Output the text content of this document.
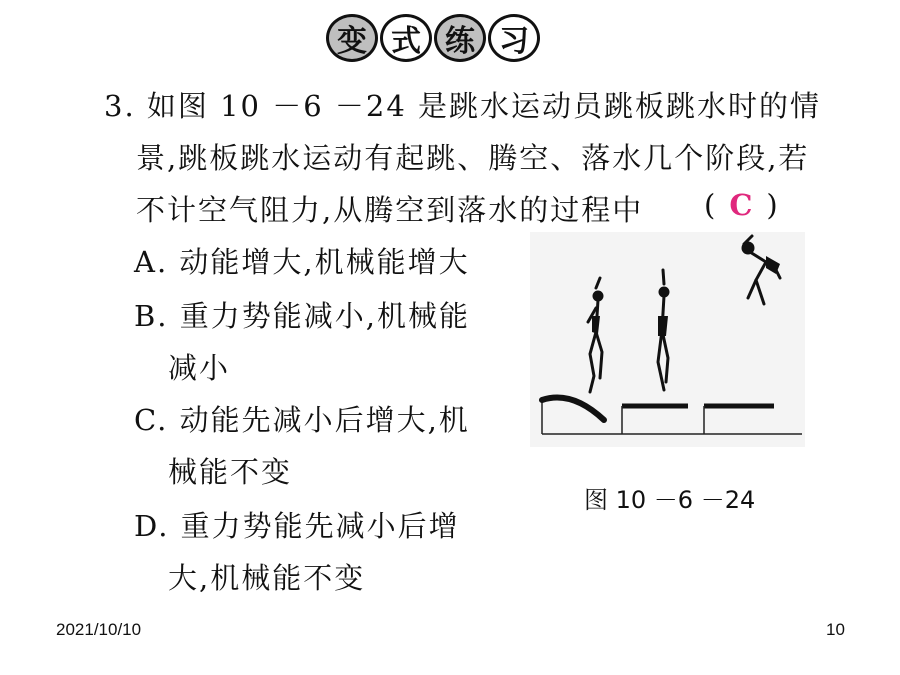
变 式 练 习
3. 如图 10 －6 －24 是跳水运动员跳板跳水时的情
景,跳板跳水运动有起跳、腾空、落水几个阶段,若
不计空气阻力,从腾空到落水的过程中 ( C )
A. 动能增大,机械能增大
B. 重力势能减小,机械能
减小
C. 动能先减小后增大,机
械能不变
D. 重力势能先减小后增
大,机械能不变
图 10 －6 －24
2021/10/10	10
